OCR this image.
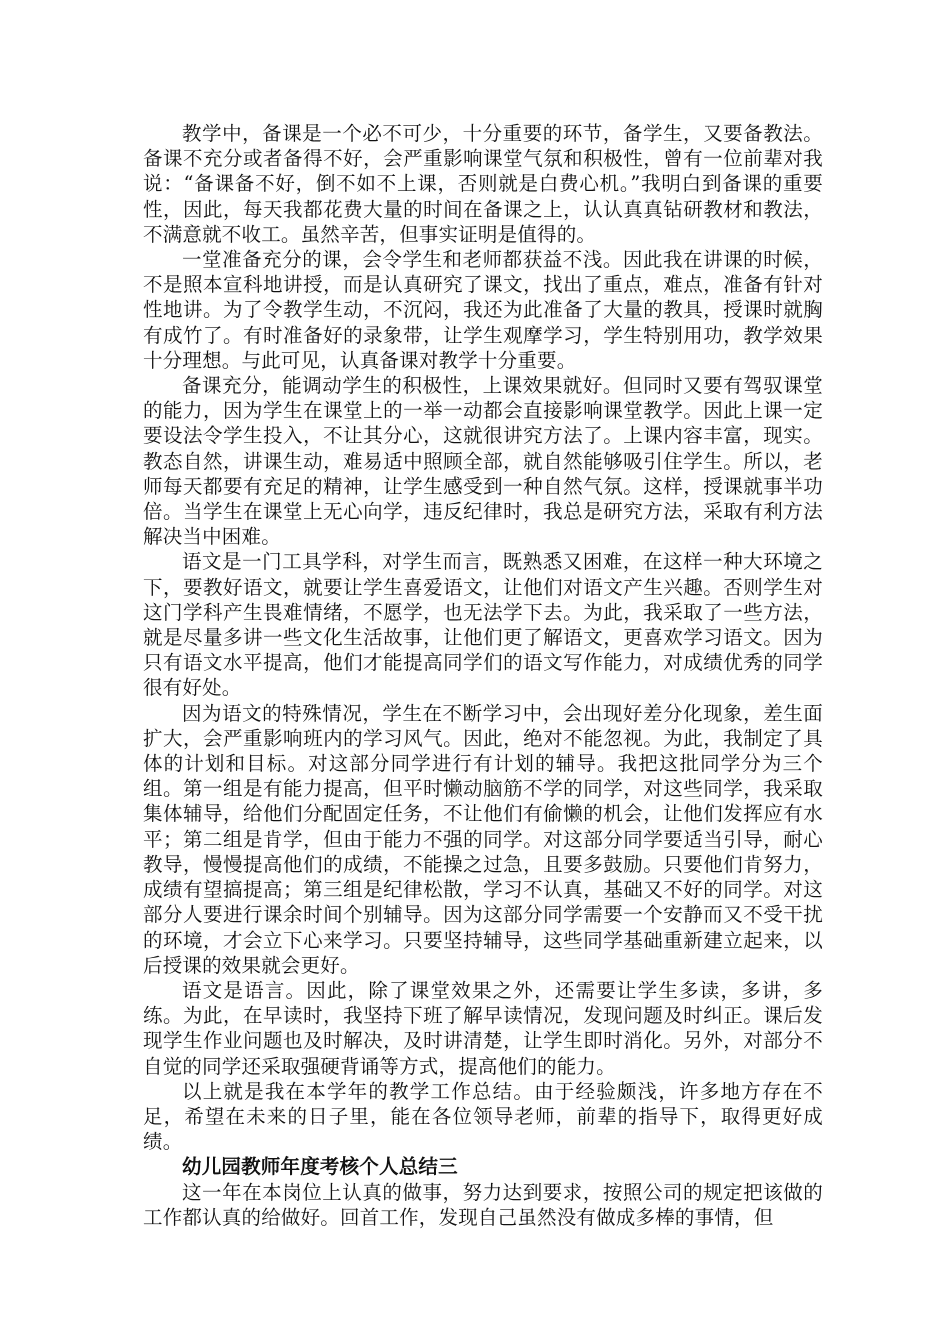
教学中，备课是一个必不可少，十分重要的环节，备学生，又要备教法。备课不充分或者备得不好，会严重影响课堂气氛和积极性，曾有一位前辈对我说：“备课备不好，倒不如不上课，否则就是白费心机。”我明白到备课的重要性，因此，每天我都花费大量的时间在备课之上，认认真真钻研教材和教法，不满意就不收工。虽然辛苦，但事实证明是值得的。

一堂准备充分的课，会令学生和老师都获益不浅。因此我在讲课的时候，不是照本宣科地讲授，而是认真研究了课文，找出了重点，难点，准备有针对性地讲。为了令教学生动，不沉闷，我还为此准备了大量的教具，授课时就胸有成竹了。有时准备好的录象带，让学生观摩学习，学生特别用功，教学效果十分理想。与此可见，认真备课对教学十分重要。

备课充分，能调动学生的积极性，上课效果就好。但同时又要有驾驭课堂的能力，因为学生在课堂上的一举一动都会直接影响课堂教学。因此上课一定要设法令学生投入，不让其分心，这就很讲究方法了。上课内容丰富，现实。教态自然，讲课生动，难易适中照顾全部，就自然能够吸引住学生。所以，老师每天都要有充足的精神，让学生感受到一种自然气氛。这样，授课就事半功倍。当学生在课堂上无心向学，违反纪律时，我总是研究方法，采取有利方法解决当中困难。

语文是一门工具学科，对学生而言，既熟悉又困难，在这样一种大环境之下，要教好语文，就要让学生喜爱语文，让他们对语文产生兴趣。否则学生对这门学科产生畏难情绪，不愿学，也无法学下去。为此，我采取了一些方法，就是尽量多讲一些文化生活故事，让他们更了解语文，更喜欢学习语文。因为只有语文水平提高，他们才能提高同学们的语文写作能力，对成绩优秀的同学很有好处。

因为语文的特殊情况，学生在不断学习中，会出现好差分化现象，差生面扩大，会严重影响班内的学习风气。因此，绝对不能忽视。为此，我制定了具体的计划和目标。对这部分同学进行有计划的辅导。我把这批同学分为三个组。第一组是有能力提高，但平时懒动脑筋不学的同学，对这些同学，我采取集体辅导，给他们分配固定任务，不让他们有偷懒的机会，让他们发挥应有水平；第二组是肯学，但由于能力不强的同学。对这部分同学要适当引导，耐心教导，慢慢提高他们的成绩，不能操之过急，且要多鼓励。只要他们肯努力，成绩有望搞提高；第三组是纪律松散，学习不认真，基础又不好的同学。对这部分人要进行课余时间个别辅导。因为这部分同学需要一个安静而又不受干扰的环境，才会立下心来学习。只要坚持辅导，这些同学基础重新建立起来，以后授课的效果就会更好。

语文是语言。因此，除了课堂效果之外，还需要让学生多读，多讲，多练。为此，在早读时，我坚持下班了解早读情况，发现问题及时纠正。课后发现学生作业问题也及时解决，及时讲清楚，让学生即时消化。另外，对部分不自觉的同学还采取强硬背诵等方式，提高他们的能力。

以上就是我在本学年的教学工作总结。由于经验颇浅，许多地方存在不足，希望在未来的日子里，能在各位领导老师，前辈的指导下，取得更好成绩。

幼儿园教师年度考核个人总结三

这一年在本岗位上认真的做事，努力达到要求，按照公司的规定把该做的工作都认真的给做好。回首工作，发现自己虽然没有做成多棒的事情，但
